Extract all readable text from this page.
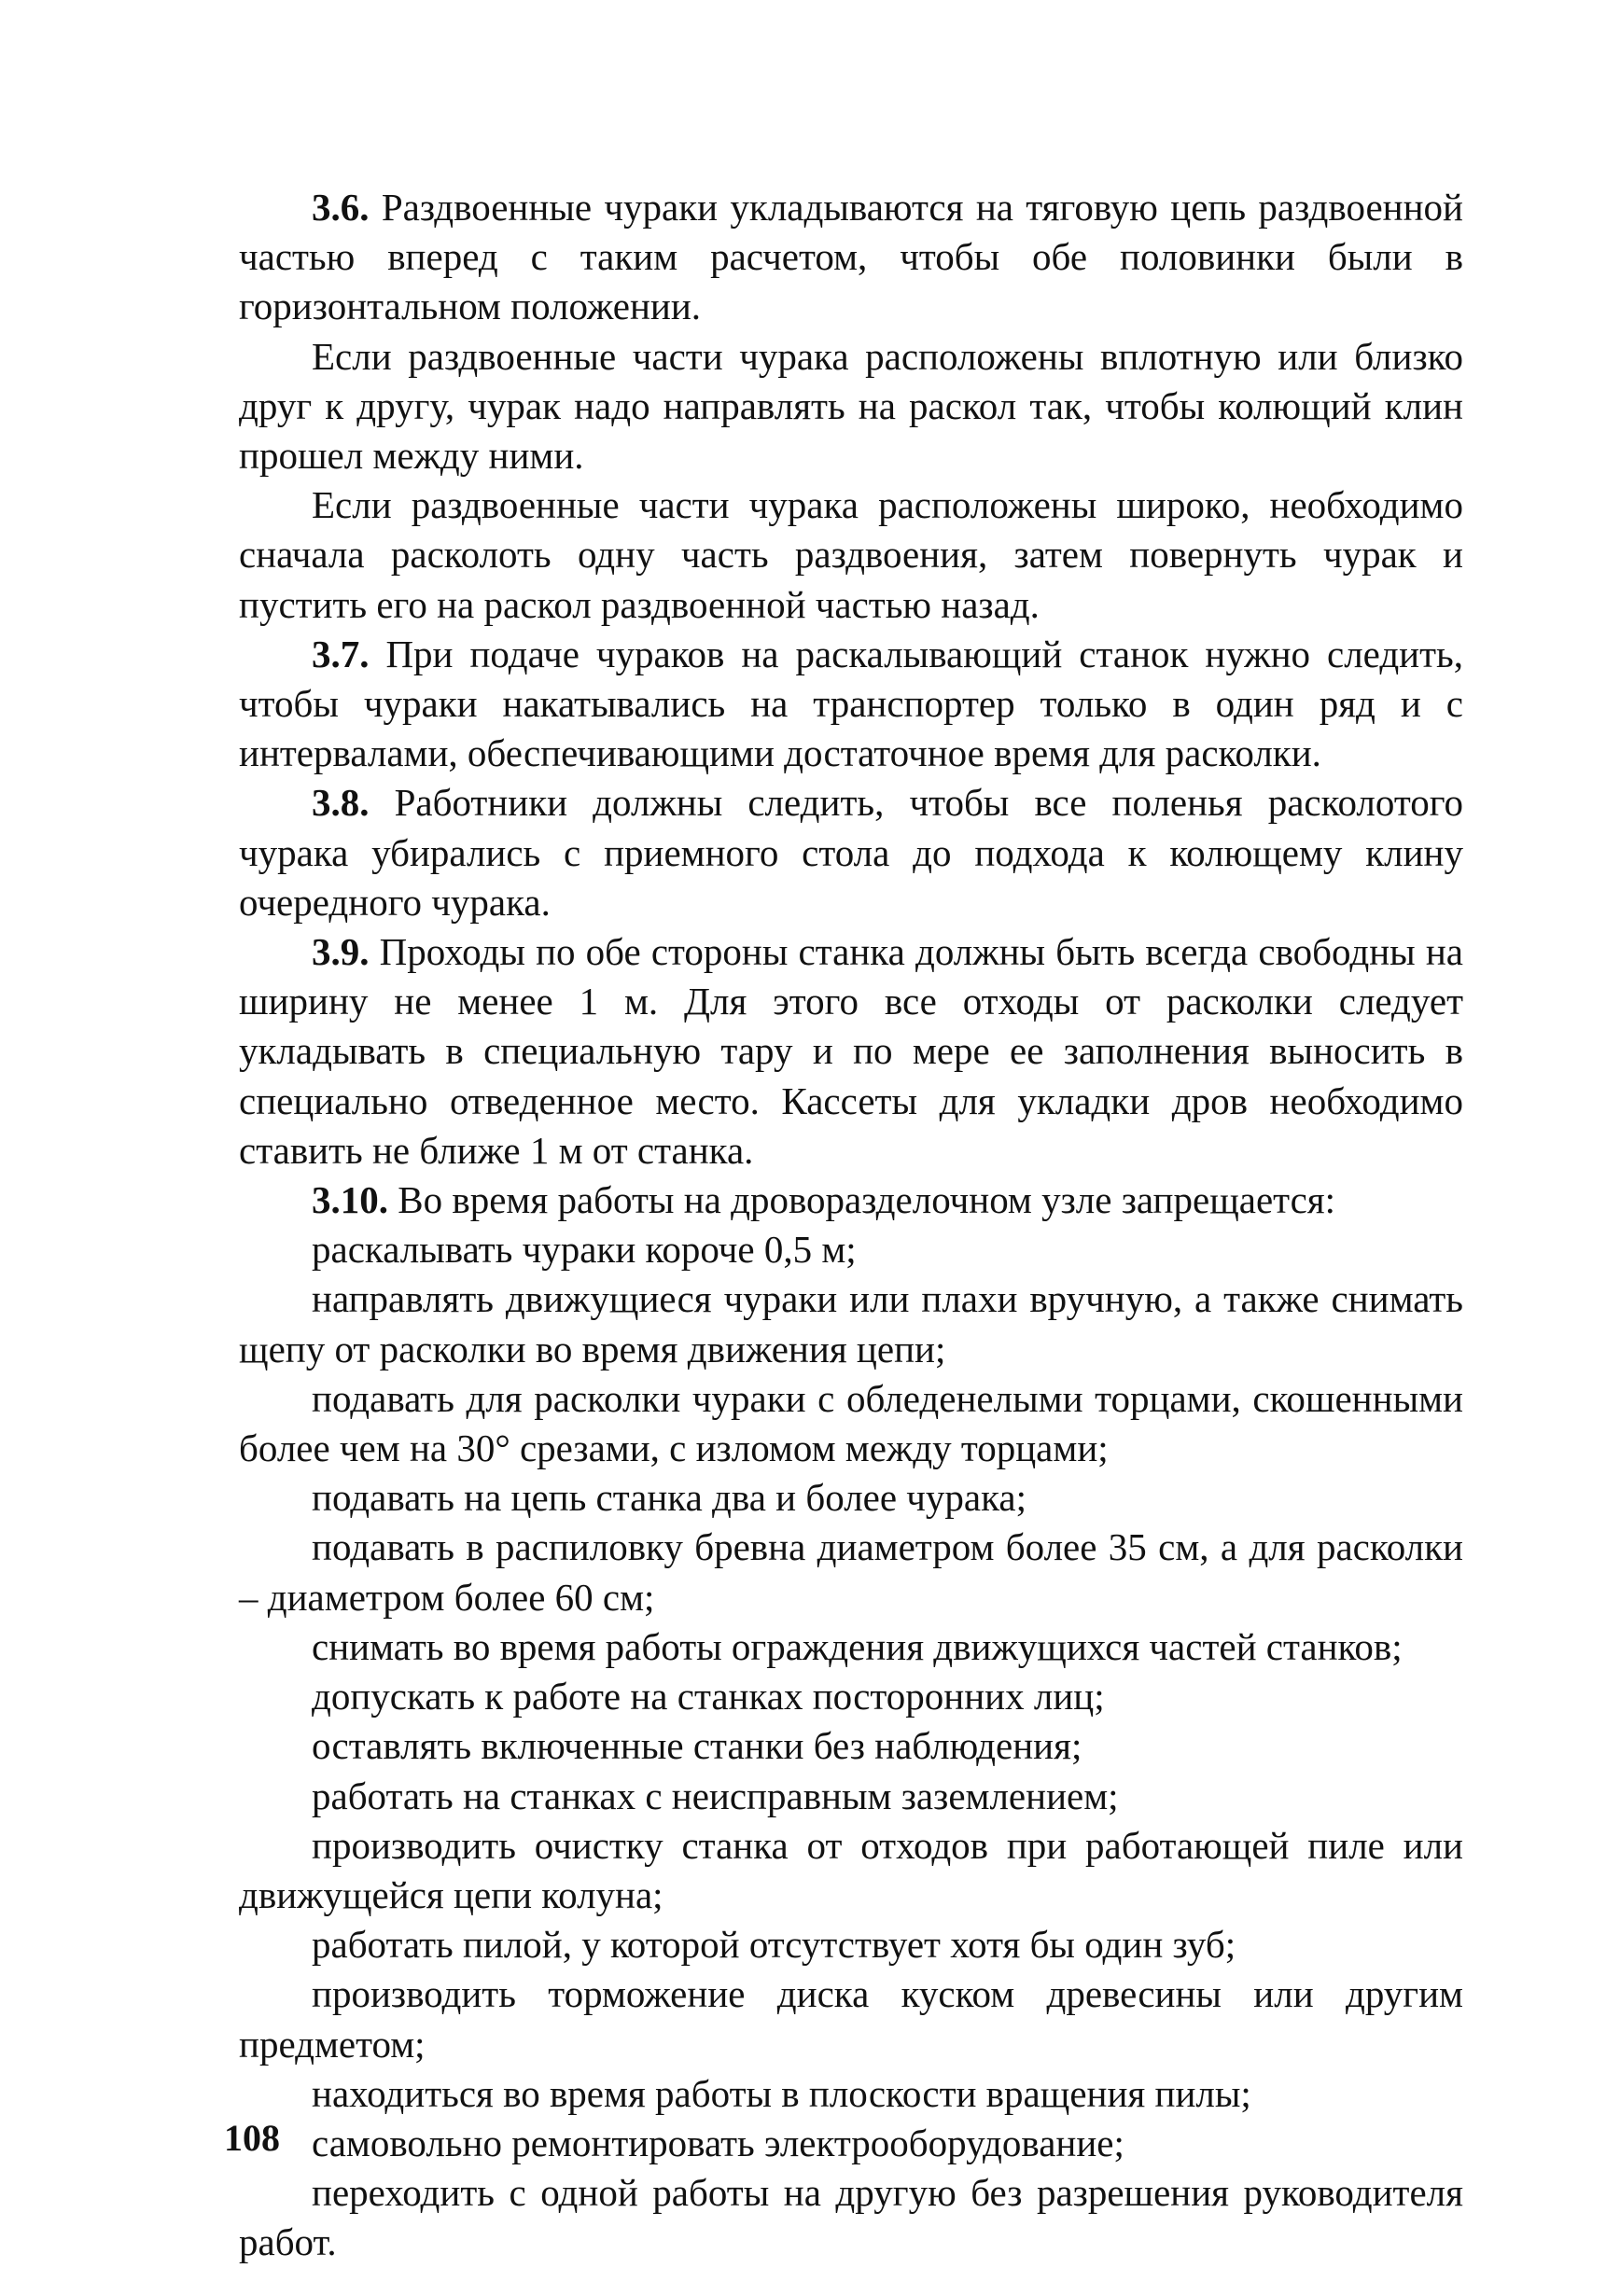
3.6. Раздвоенные чураки укладываются на тяговую цепь раздвоенной частью вперед с таким расчетом, чтобы обе половинки были в горизонтальном положении.

Если раздвоенные части чурака расположены вплотную или близко друг к другу, чурак надо направлять на раскол так, чтобы колющий клин прошел между ними.

Если раздвоенные части чурака расположены широко, необходимо сначала расколоть одну часть раздвоения, затем повернуть чурак и пустить его на раскол раздвоенной частью назад.

3.7. При подаче чураков на раскалывающий станок нужно следить, чтобы чураки накатывались на транспортер только в один ряд и с интервалами, обеспечивающими достаточное время для расколки.

3.8. Работники должны следить, чтобы все поленья расколотого чурака убирались с приемного стола до подхода к колющему клину очередного чурака.

3.9. Проходы по обе стороны станка должны быть всегда свободны на ширину не менее 1 м. Для этого все отходы от расколки следует укладывать в специальную тару и по мере ее заполнения выносить в специально отведенное место. Кассеты для укладки дров необходимо ставить не ближе 1 м от станка.

3.10. Во время работы на дроворазделочном узле запрещается:

раскалывать чураки короче 0,5 м;

направлять движущиеся чураки или плахи вручную, а также снимать щепу от расколки во время движения цепи;

подавать для расколки чураки с обледенелыми торцами, скошенными более чем на 30° срезами, с изломом между торцами;

подавать на цепь станка два и более чурака;

подавать в распиловку бревна диаметром более 35 см, а для расколки – диаметром более 60 см;

снимать во время работы ограждения движущихся частей станков;

допускать к работе на станках посторонних лиц;

оставлять включенные станки без наблюдения;

работать на станках с неисправным заземлением;

производить очистку станка от отходов при работающей пиле или движущейся цепи колуна;

работать пилой, у которой отсутствует хотя бы один зуб;

производить торможение диска куском древесины или другим предметом;

находиться во время работы в плоскости вращения пилы;

самовольно ремонтировать электрооборудование;

переходить с одной работы на другую без разрешения руководителя работ.

108
